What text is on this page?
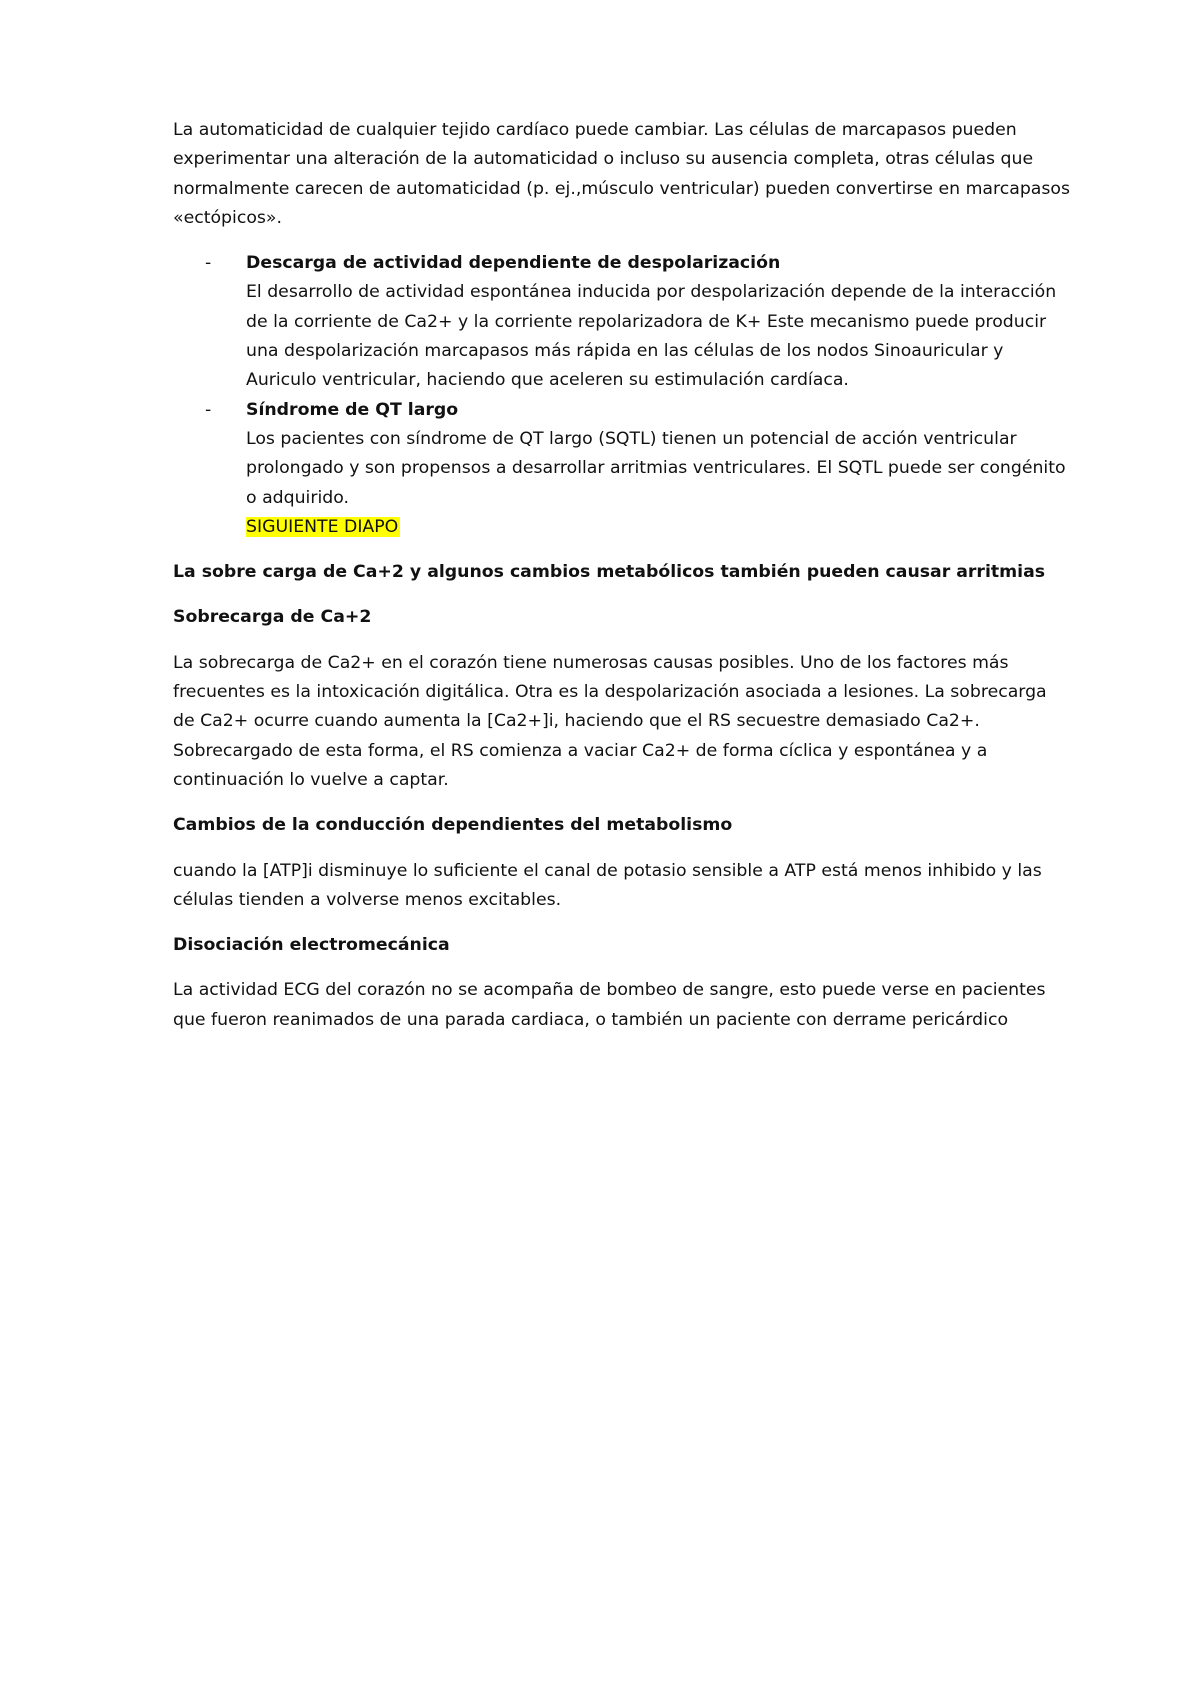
La automaticidad de cualquier tejido cardíaco puede cambiar. Las células de marcapasos pueden experimentar una alteración de la automaticidad o incluso su ausencia completa, otras células que normalmente carecen de automaticidad (p. ej.,músculo ventricular) pueden convertirse en marcapasos «ectópicos».

- Descarga de actividad dependiente de despolarización
El desarrollo de actividad espontánea inducida por despolarización depende de la interacción de la corriente de Ca2+ y la corriente repolarizadora de K+ Este mecanismo puede producir una despolarización marcapasos más rápida en las células de los nodos Sinoauricular y Auriculo ventricular, haciendo que aceleren su estimulación cardíaca.
- Síndrome de QT largo
Los pacientes con síndrome de QT largo (SQTL) tienen un potencial de acción ventricular prolongado y son propensos a desarrollar arritmias ventriculares. El SQTL puede ser congénito o adquirido.
SIGUIENTE DIAPO

La sobre carga de Ca+2 y algunos cambios metabólicos también pueden causar arritmias

Sobrecarga de Ca+2

La sobrecarga de Ca2+ en el corazón tiene numerosas causas posibles. Uno de los factores más frecuentes es la intoxicación digitálica. Otra es la despolarización asociada a lesiones. La sobrecarga de Ca2+ ocurre cuando aumenta la [Ca2+]i, haciendo que el RS secuestre demasiado Ca2+. Sobrecargado de esta forma, el RS comienza a vaciar Ca2+ de forma cíclica y espontánea y a continuación lo vuelve a captar.

Cambios de la conducción dependientes del metabolismo

cuando la [ATP]i disminuye lo suficiente el canal de potasio sensible a ATP está menos inhibido y las células tienden a volverse menos excitables.

Disociación electromecánica

La actividad ECG del corazón no se acompaña de bombeo de sangre, esto puede verse en pacientes que fueron reanimados de una parada cardiaca, o también un paciente con derrame pericárdico
